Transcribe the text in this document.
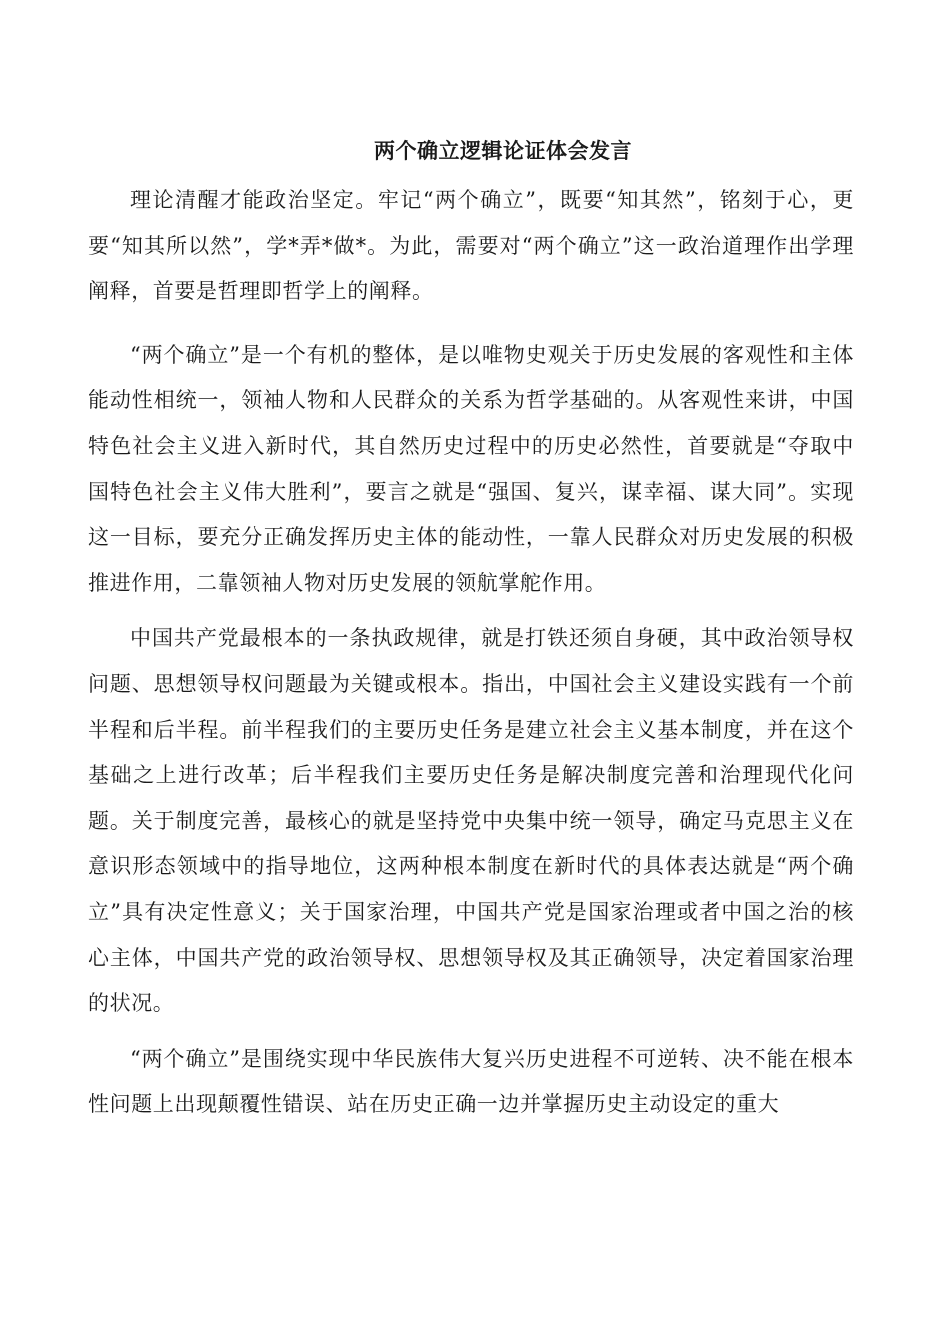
两个确立逻辑论证体会发言

理论清醒才能政治坚定。牢记“两个确立”，既要“知其然”，铭刻于心，更要“知其所以然”，学*弄*做*。为此，需要对“两个确立”这一政治道理作出学理阐释，首要是哲理即哲学上的阐释。

“两个确立”是一个有机的整体，是以唯物史观关于历史发展的客观性和主体能动性相统一，领袖人物和人民群众的关系为哲学基础的。从客观性来讲，中国特色社会主义进入新时代，其自然历史过程中的历史必然性，首要就是“夺取中国特色社会主义伟大胜利”，要言之就是“强国、复兴，谋幸福、谋大同”。实现这一目标，要充分正确发挥历史主体的能动性，一靠人民群众对历史发展的积极推进作用，二靠领袖人物对历史发展的领航掌舵作用。

中国共产党最根本的一条执政规律，就是打铁还须自身硬，其中政治领导权问题、思想领导权问题最为关键或根本。指出，中国社会主义建设实践有一个前半程和后半程。前半程我们的主要历史任务是建立社会主义基本制度，并在这个基础之上进行改革；后半程我们主要历史任务是解决制度完善和治理现代化问题。关于制度完善，最核心的就是坚持党中央集中统一领导，确定马克思主义在意识形态领域中的指导地位，这两种根本制度在新时代的具体表达就是“两个确立”具有决定性意义；关于国家治理，中国共产党是国家治理或者中国之治的核心主体，中国共产党的政治领导权、思想领导权及其正确领导，决定着国家治理的状况。

“两个确立”是围绕实现中华民族伟大复兴历史进程不可逆转、决不能在根本性问题上出现颠覆性错误、站在历史正确一边并掌握历史主动设定的重大
